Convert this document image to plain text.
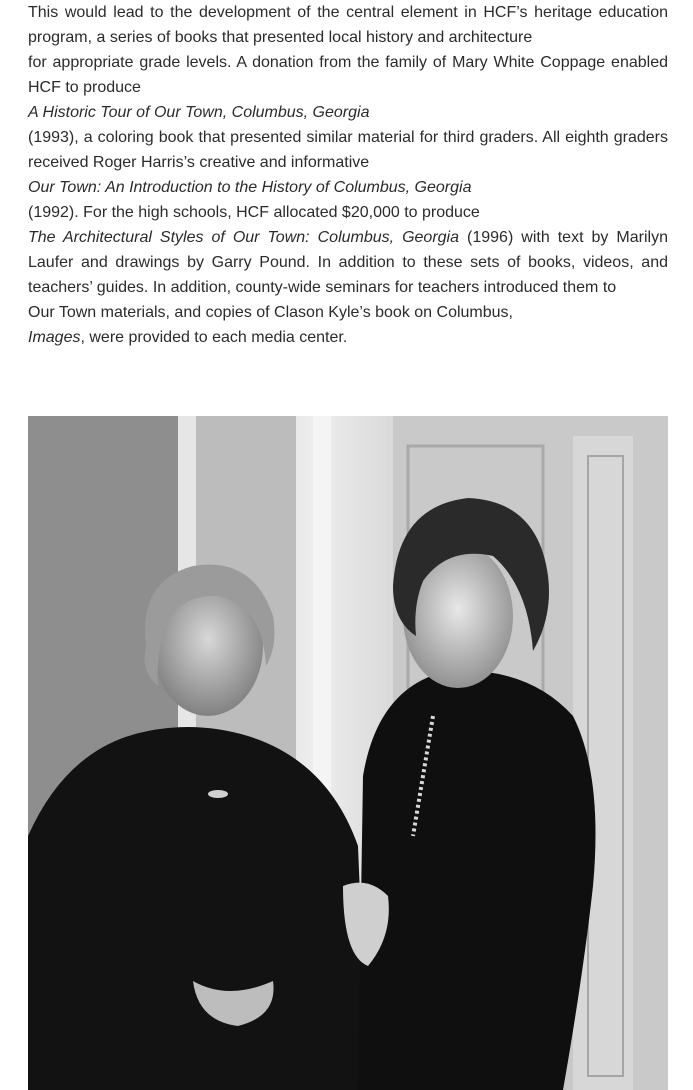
This would lead to the development of the central element in HCF’s heritage education
program, a series of books that presented local history and architecture
for appropriate grade levels. A donation from the family of Mary White Coppage enabled
HCF to produce
A Historic Tour of Our Town, Columbus, Georgia
(1993), a coloring book that presented similar material for third graders. All eighth graders
received Roger Harris’s creative and informative
Our Town: An Introduction to the History of Columbus, Georgia
(1992). For the high schools, HCF allocated $20,000 to produce
The Architectural Styles of Our Town: Columbus, Georgia (1996) with text by Marilyn
Laufer and drawings by Garry Pound. In addition to these sets of books, videos, and
teachers’ guides. In addition, county-wide seminars for teachers introduced them to
Our Town materials, and copies of Clason Kyle’s book on Columbus,
Images, were provided to each media center.
